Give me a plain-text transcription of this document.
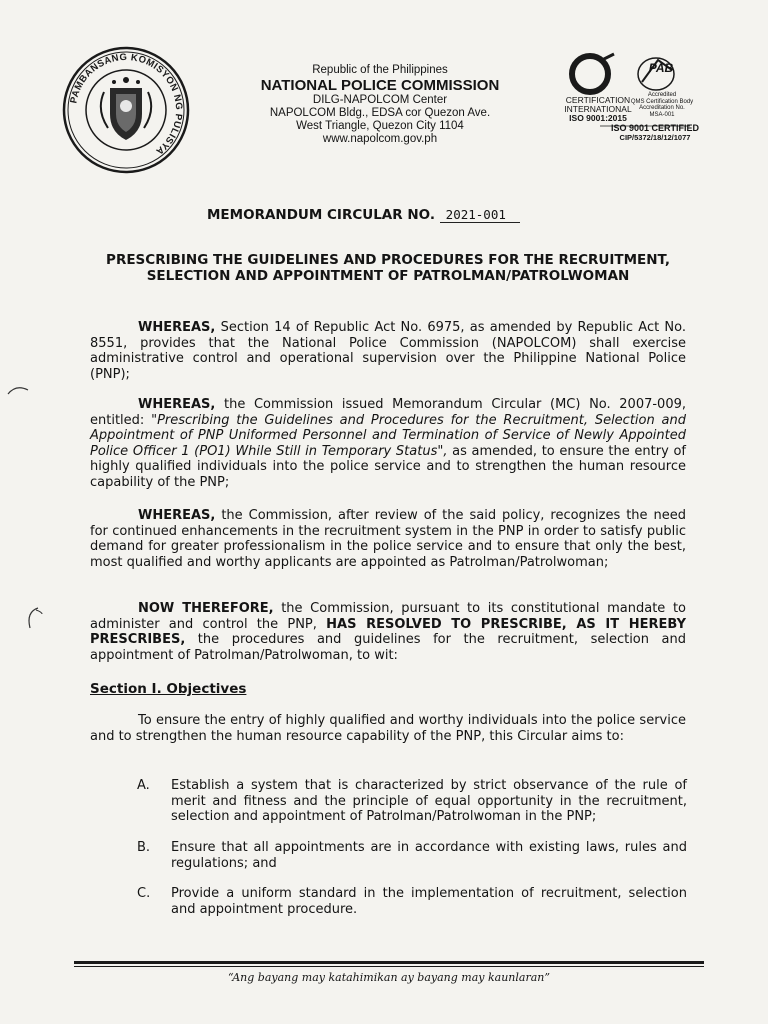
PAMBANSANG KOMISYON NG PULISYA
Republic of the Philippines
NATIONAL POLICE COMMISSION
DILG-NAPOLCOM Center
NAPOLCOM Bldg., EDSA cor Quezon Ave.
West Triangle, Quezon City 1104
www.napolcom.gov.ph
CERTIFICATION
INTERNATIONAL
ISO 9001:2015
PAB
Accredited
QMS Certification Body
Accreditation No.
MSA-001
ISO 9001 CERTIFIED
CIP/5372/18/12/1077
MEMORANDUM CIRCULAR NO. 2021-001
PRESCRIBING THE GUIDELINES AND PROCEDURES FOR THE RECRUITMENT,
SELECTION AND APPOINTMENT OF PATROLMAN/PATROLWOMAN
WHEREAS, Section 14 of Republic Act No. 6975, as amended by Republic Act No. 8551, provides that the National Police Commission (NAPOLCOM) shall exercise administrative control and operational supervision over the Philippine National Police (PNP);
WHEREAS, the Commission issued Memorandum Circular (MC) No. 2007-009, entitled: "Prescribing the Guidelines and Procedures for the Recruitment, Selection and Appointment of PNP Uniformed Personnel and Termination of Service of Newly Appointed Police Officer 1 (PO1) While Still in Temporary Status", as amended, to ensure the entry of highly qualified individuals into the police service and to strengthen the human resource capability of the PNP;
WHEREAS, the Commission, after review of the said policy, recognizes the need for continued enhancements in the recruitment system in the PNP in order to satisfy public demand for greater professionalism in the police service and to ensure that only the best, most qualified and worthy applicants are appointed as Patrolman/Patrolwoman;
NOW THEREFORE, the Commission, pursuant to its constitutional mandate to administer and control the PNP, HAS RESOLVED TO PRESCRIBE, AS IT HEREBY PRESCRIBES, the procedures and guidelines for the recruitment, selection and appointment of Patrolman/Patrolwoman, to wit:
Section I. Objectives
To ensure the entry of highly qualified and worthy individuals into the police service and to strengthen the human resource capability of the PNP, this Circular aims to:
A. Establish a system that is characterized by strict observance of the rule of merit and fitness and the principle of equal opportunity in the recruitment, selection and appointment of Patrolman/Patrolwoman in the PNP;
B. Ensure that all appointments are in accordance with existing laws, rules and regulations; and
C. Provide a uniform standard in the implementation of recruitment, selection and appointment procedure.
“Ang bayang may katahimikan ay bayang may kaunlaran”
